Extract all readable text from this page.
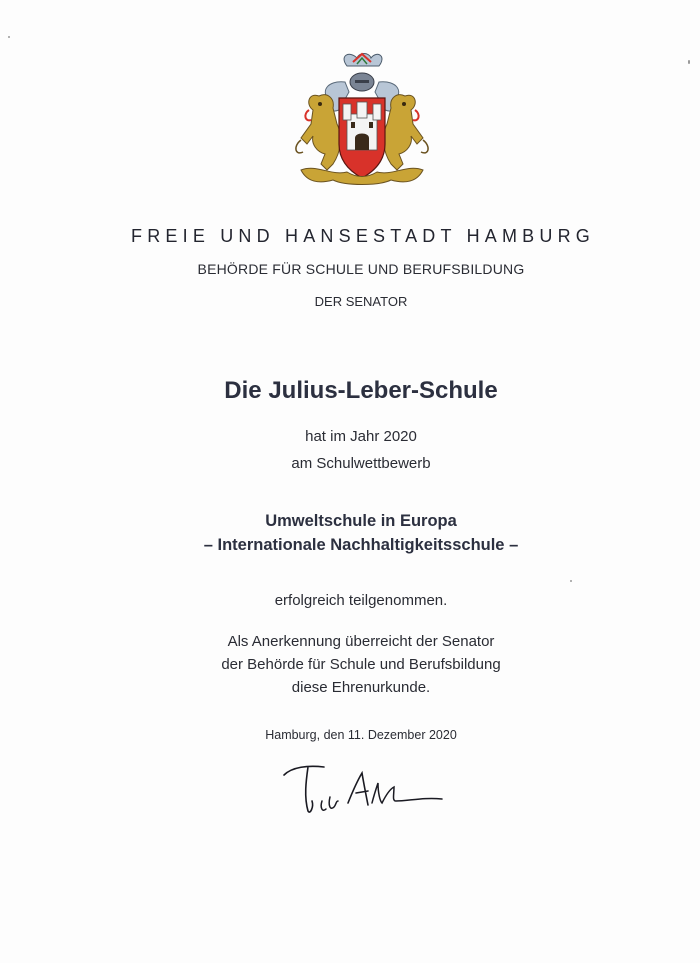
FREIE UND HANSESTADT HAMBURG
BEHÖRDE FÜR SCHULE UND BERUFSBILDUNG
DER SENATOR
Die Julius-Leber-Schule
hat im Jahr 2020
am Schulwettbewerb
Umweltschule in Europa
– Internationale Nachhaltigkeitsschule –
erfolgreich teilgenommen.
Als Anerkennung überreicht der Senator
der Behörde für Schule und Berufsbildung
diese Ehrenurkunde.
Hamburg, den 11. Dezember 2020
